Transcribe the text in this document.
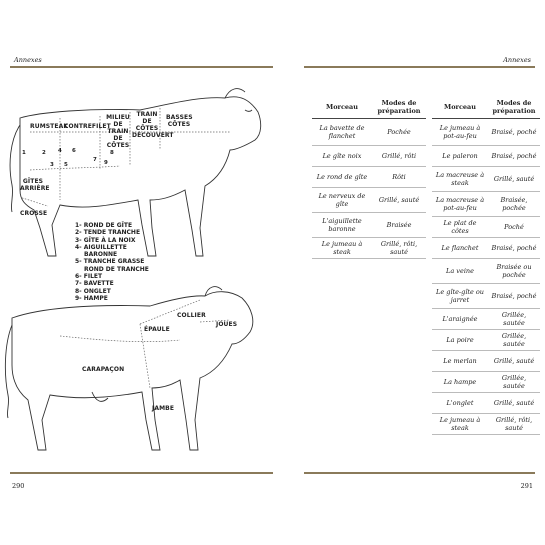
Annexes	Annexes
RUMSTEAK
CONTREFILET
MILIEU DE TRAIN DE CÔTES
TRAIN DE CÔTES DÉCOUVERT
BASSES CÔTES
GÎTES ARRIÈRE
CROSSE
1	2
3
4
5
6
7
8
9
1- ROND DE GÎTE
2- TENDE TRANCHE
3- GÎTE À LA NOIX
4- AIGUILLETTE
BARONNE
5- TRANCHE GRASSE
ROND DE TRANCHE
6- FILET
7- BAVETTE
8- ONGLET
9- HAMPE
COLLIER
JOUES
ÉPAULE
CARAPAÇON
JAMBE
Morceau	Modes de préparation
La bavette de flanchet	Pochée
Le gîte noix	Grillé, rôti
Le rond de gîte	Rôti
Le nerveux de gîte	Grillé, sauté
L'aiguillette baronne	Braisée
Le jumeau à steak	Grillé, rôti, sauté
Morceau	Modes de préparation
Le jumeau à pot-au-feu	Braisé, poché
Le paleron	Braisé, poché
La macreuse à steak	Grillé, sauté
La macreuse à pot-au-feu	Braisée, pochée
Le plat de côtes	Poché
Le flanchet	Braisé, poché
La veine	Braisée ou pochée
Le gîte-gîte ou jarret	Braisé, poché
L'araignée	Grillée, sautée
La poire	Grillée, sautée
Le merlan	Grillé, sauté
La hampe	Grillée, sautée
L'onglet	Grillé, sauté
Le jumeau à steak	Grillé, rôti, sauté
290	291
